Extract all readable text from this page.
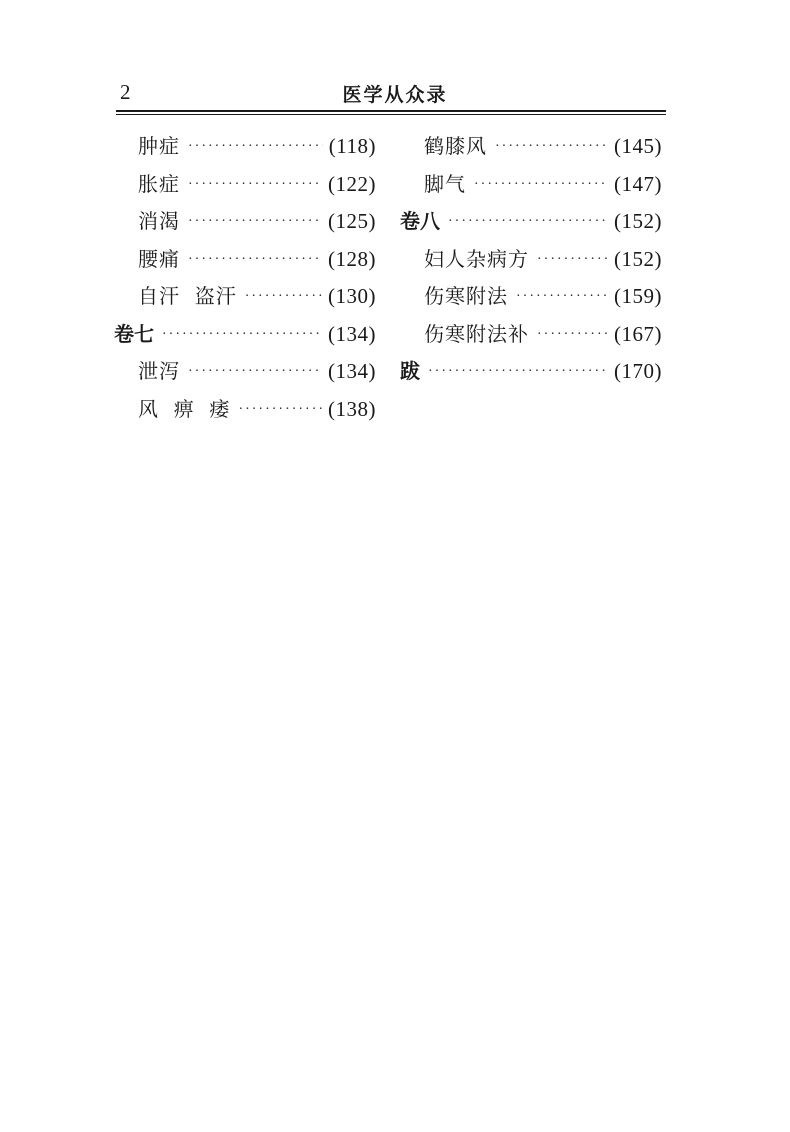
2	医学从众录
肿症 ·····	(118)
胀症 ·····	(122)
消渴 ·····	(125)
腰痛 ·····	(128)
自汗  盗汗 ·····	(130)
卷七 ·····	(134)
泄泻 ·····	(134)
风  痹  痿 ·····	(138)
鹤膝风 ·····	(145)
脚气 ·····	(147)
卷八 ·····	(152)
妇人杂病方 ·····	(152)
伤寒附法 ·····	(159)
伤寒附法补 ·····	(167)
跋 ·····	(170)
